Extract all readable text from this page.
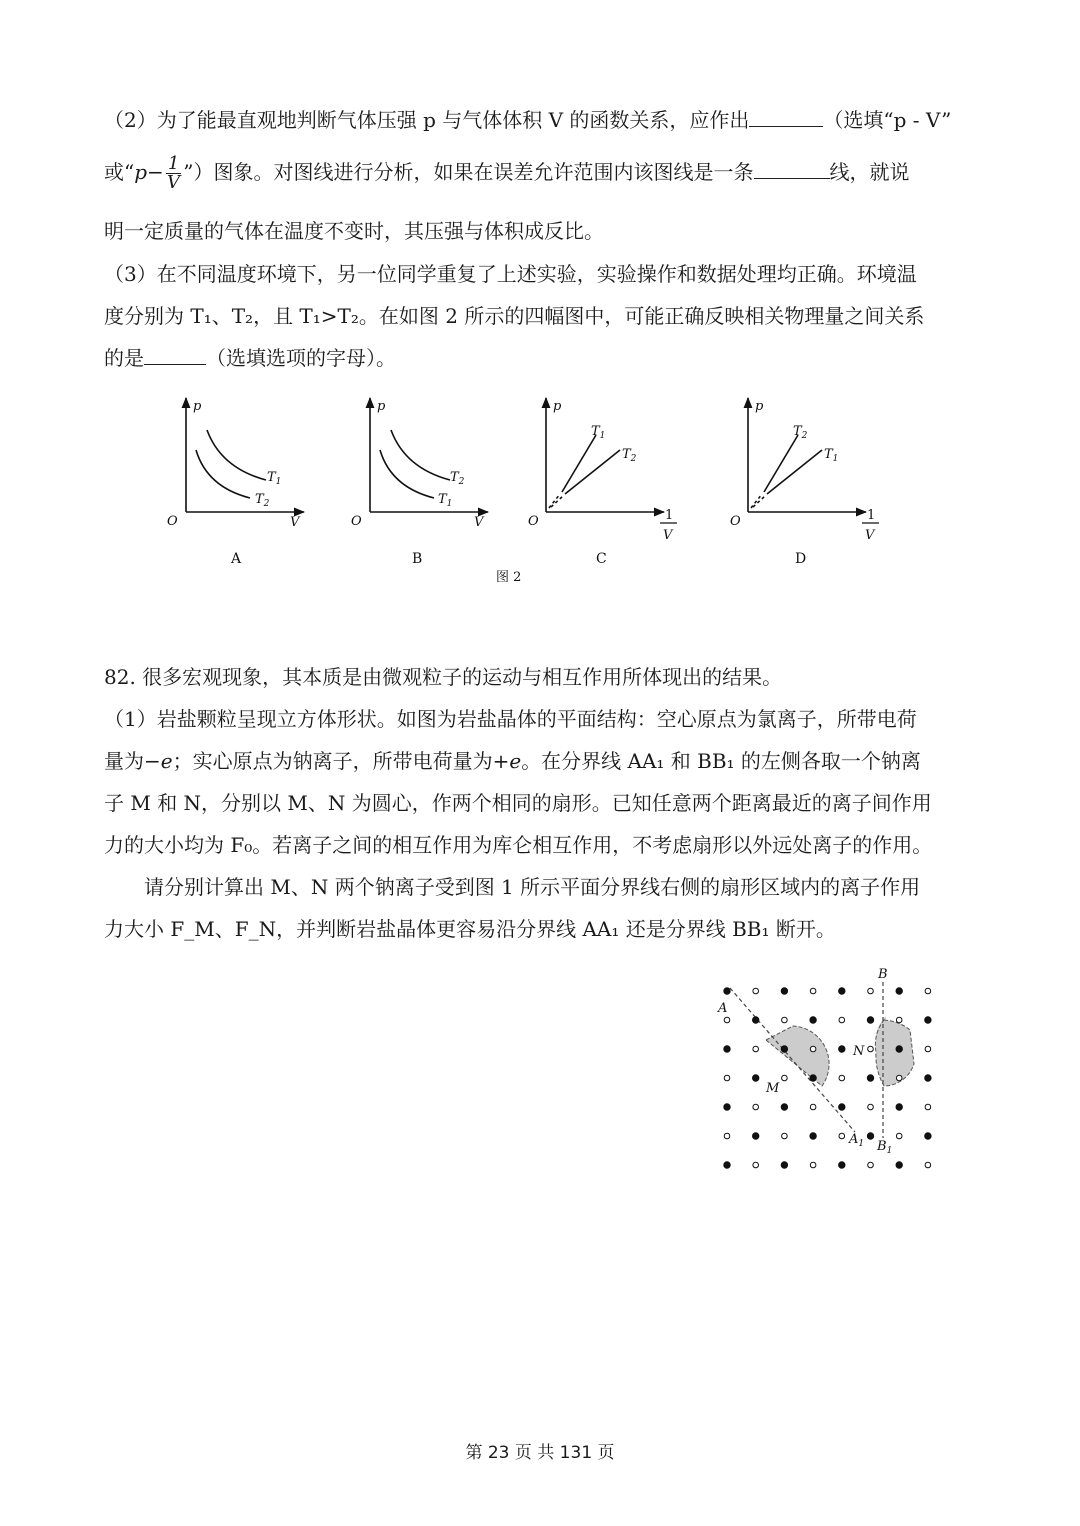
（2）为了能最直观地判断气体压强 p 与气体体积 V 的函数关系，应作出	（选填“p - V”

或“$p- \frac{1}{V}$ ”）图象。对图线进行分析，如果在误差允许范围内该图线是一条	线，就说

明一定质量的气体在温度不变时，其压强与体积成反比。

（3）在不同温度环境下，另一位同学重复了上述实验，实验操作和数据处理均正确。环境温

度分别为 T₁、T₂，且 T₁>T₂。在如图 2 所示的四幅图中，可能正确反映相关物理量之间关系

的是	（选填选项的字母）。

p
O	V
$T_1$
$T_2$
p
O	V
$T_2$
$T_1$
p
O
$T_1$
$T_2$
1
V
p
O
$T_2$
$T_1$
1
V
A	B	C	D
图 2

82. 很多宏观现象，其本质是由微观粒子的运动与相互作用所体现出的结果。

（1）岩盐颗粒呈现立方体形状。如图为岩盐晶体的平面结构：空心原点为氯离子，所带电荷

量为−e；实心原点为钠离子，所带电荷量为+e。在分界线 AA₁ 和 BB₁ 的左侧各取一个钠离

子 M 和 N，分别以 M、N 为圆心，作两个相同的扇形。已知任意两个距离最近的离子间作用

力的大小均为 F₀。若离子之间的相互作用为库仑相互作用，不考虑扇形以外远处离子的作用。

请分别计算出 M、N 两个钠离子受到图 1 所示平面分界线右侧的扇形区域内的离子作用

力大小 F_M、F_N，并判断岩盐晶体更容易沿分界线 AA₁ 还是分界线 BB₁ 断开。

A
$A_1$
B
$B_1$
M
N
第 23 页 共 131 页
